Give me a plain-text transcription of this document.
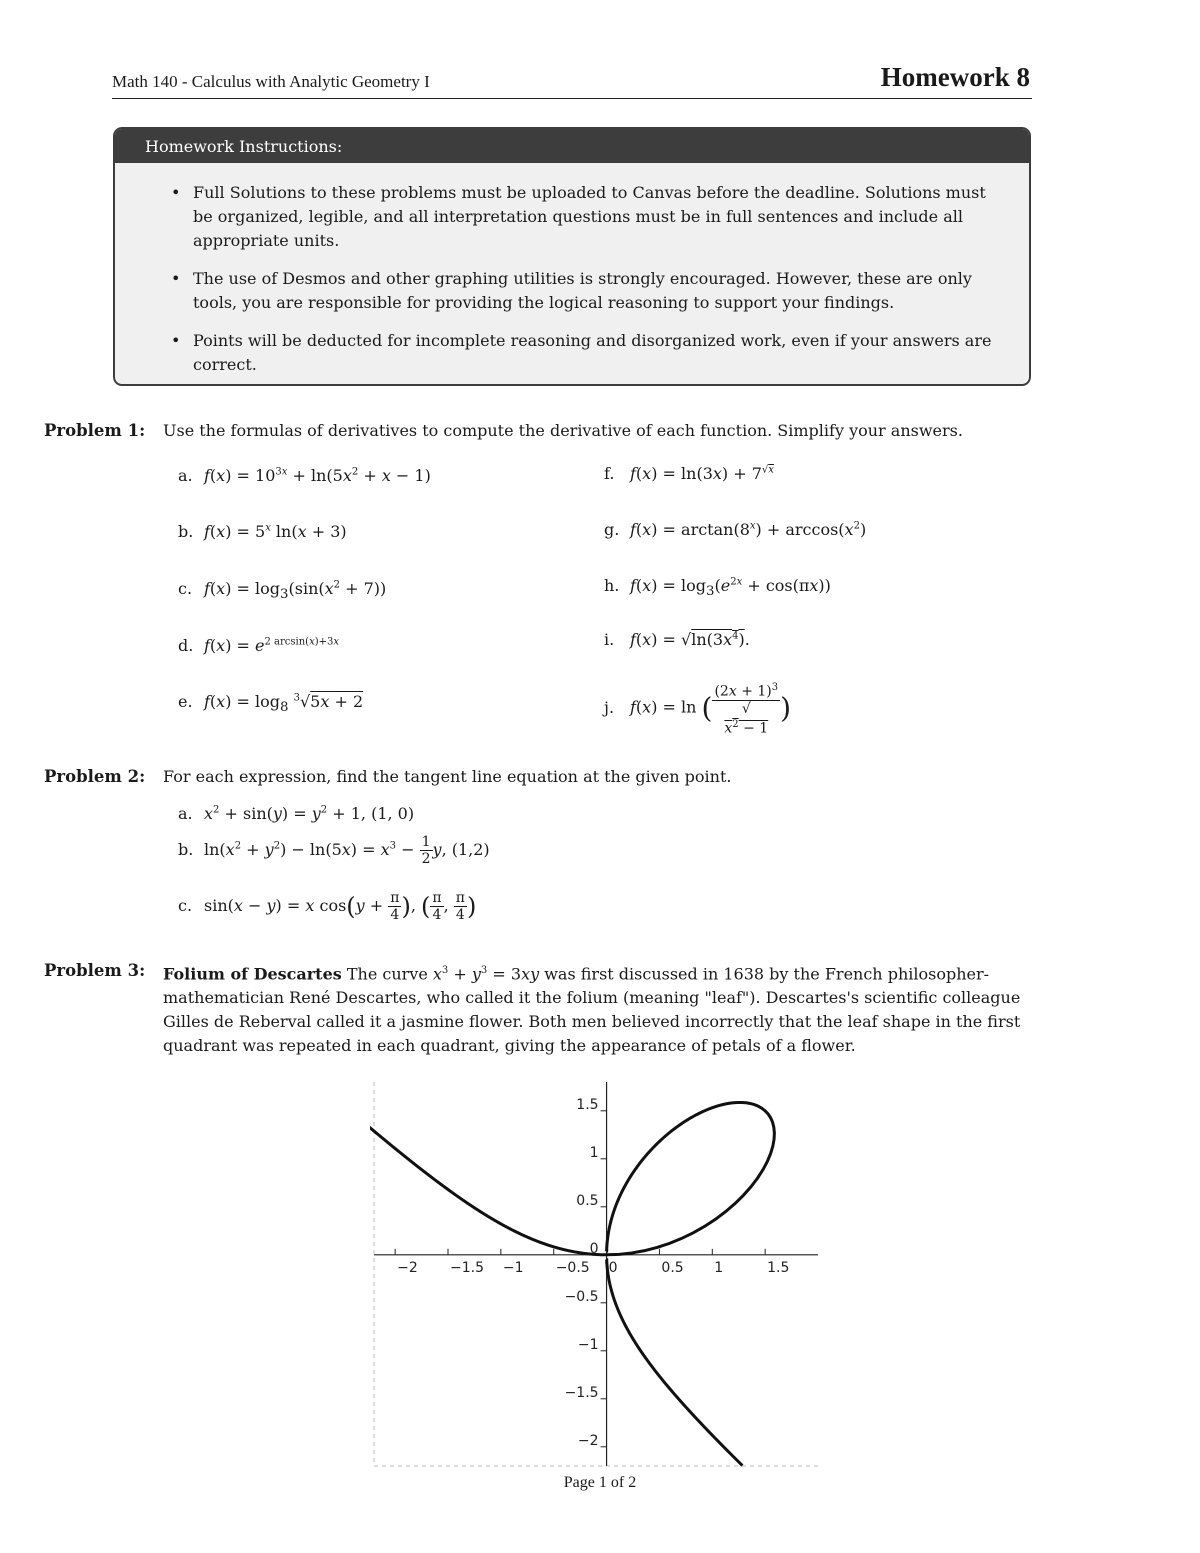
Math 140 - Calculus with Analytic Geometry I	Homework 8
Homework Instructions:
• Full Solutions to these problems must be uploaded to Canvas before the deadline. Solutions must be organized, legible, and all interpretation questions must be in full sentences and include all appropriate units.
• The use of Desmos and other graphing utilities is strongly encouraged. However, these are only tools, you are responsible for providing the logical reasoning to support your findings.
• Points will be deducted for incomplete reasoning and disorganized work, even if your answers are correct.
Problem 1: Use the formulas of derivatives to compute the derivative of each function. Simplify your answers.
a. $f(x) = 10^{3x} + \ln(5x^2 + x - 1)$
b. $f(x) = 5^x$ ln(x + 3)
c. $f(x) = \log_3(\sin(x^2 + 7))$
d. $f(x) = e^{2 arcsin(x)+3x}$
e. $f(x) = \log_8 ^3√5x + 2$
f. $f(x) = \ln(3x) + 7^{√x}$
g. $f(x) = \arctan(8^x) + \arccos(x^2)$
h. $f(x) = \log_3(e^{2x} + \cos(\pi x))$
i. $f(x) = √\ln(3x^4)$.
j. f(x) = ln ( $(2x + 1)^3$
√
$x^2 - 1$ )
Problem 2: For each expression, find the tangent line equation at the given point.
a. $x^2 + \sin(y) = y^2 + 1$, (1, 0)
b. $\ln(x^2 + y^2) - \ln(5x) = x^3 - \frac{1}{2} y$, (1,2)
c. sin(x − y) = x $\cos(y + \frac{\pi}{4}$ ), ( $\frac{\pi}{4}$ , $\frac{\pi}{4}$ )
Problem 3: Folium of Descartes The curve $x^3 + y^3 = 3xy$ was first discussed in 1638 by the French philosopher-mathematician René Descartes, who called it the folium (meaning "leaf"). Descartes's scientific colleague Gilles de Reberval called it a jasmine flower. Both men believed incorrectly that the leaf shape in the first quadrant was repeated in each quadrant, giving the appearance of petals of a flower.
−2 −1.5 −1 −0.5 0	0.5 1	1.5
1.5
1
0.5
0
−0.5
−1
−1.5
−2
Page 1 of 2
